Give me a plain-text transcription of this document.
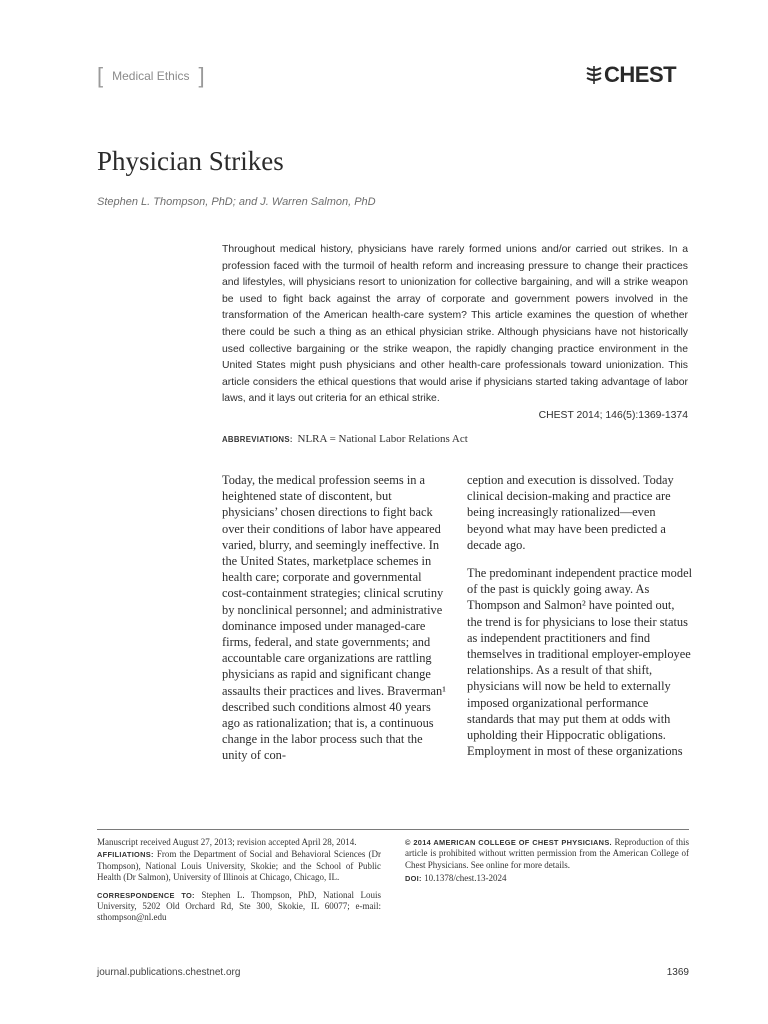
[ Medical Ethics ]	CHEST
Physician Strikes
Stephen L. Thompson, PhD; and J. Warren Salmon, PhD

Throughout medical history, physicians have rarely formed unions and/or carried out strikes. In a profession faced with the turmoil of health reform and increasing pressure to change their practices and lifestyles, will physicians resort to unionization for collective bargaining, and will a strike weapon be used to fight back against the array of corporate and government powers involved in the transformation of the American health-care system? This article examines the question of whether there could be such a thing as an ethical physician strike. Although physicians have not historically used collective bargaining or the strike weapon, the rapidly changing practice environment in the United States might push physicians and other health-care professionals toward unionization. This article considers the ethical questions that would arise if physicians started taking advantage of labor laws, and it lays out criteria for an ethical strike.

CHEST 2014; 146(5):1369-1374

ABBREVIATIONS: NLRA = National Labor Relations Act

Today, the medical profession seems in a heightened state of discontent, but physicians’ chosen directions to fight back over their conditions of labor have appeared varied, blurry, and seemingly ineffective. In the United States, marketplace schemes in health care; corporate and governmental cost-containment strategies; clinical scrutiny by nonclinical personnel; and administrative dominance imposed under managed-care firms, federal, and state governments; and accountable care organizations are rattling physicians as rapid and significant change assaults their practices and lives. Braverman¹ described such conditions almost 40 years ago as rationalization; that is, a continuous change in the labor process such that the unity of con-

ception and execution is dissolved. Today clinical decision-making and practice are being increasingly rationalized—even beyond what may have been predicted a decade ago.

The predominant independent practice model of the past is quickly going away. As Thompson and Salmon² have pointed out, the trend is for physicians to lose their status as independent practitioners and find themselves in traditional employer-employee relationships. As a result of that shift, physicians will now be held to externally imposed organizational performance standards that may put them at odds with upholding their Hippocratic obligations. Employment in most of these organizations

Manuscript received August 27, 2013; revision accepted April 28, 2014.

AFFILIATIONS: From the Department of Social and Behavioral Sciences (Dr Thompson), National Louis University, Skokie; and the School of Public Health (Dr Salmon), University of Illinois at Chicago, Chicago, IL.

CORRESPONDENCE TO: Stephen L. Thompson, PhD, National Louis University, 5202 Old Orchard Rd, Ste 300, Skokie, IL 60077; e-mail: sthompson@nl.edu

© 2014 AMERICAN COLLEGE OF CHEST PHYSICIANS. Reproduction of this article is prohibited without written permission from the American College of Chest Physicians. See online for more details.

DOI: 10.1378/chest.13-2024

journal.publications.chestnet.org	1369
